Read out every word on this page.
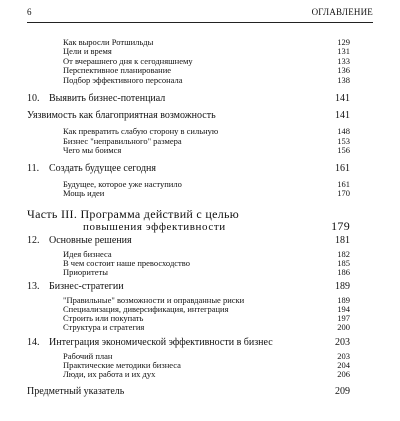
6	ОГЛАВЛЕНИЕ
Как выросли Ротшильды	129
Цели и время	131
От вчерашнего дня к сегодняшнему	133
Перспективное планирование	136
Подбор эффективного персонала	138
10. Выявить бизнес-потенциал	141
Уязвимость как благоприятная возможность	141
Как превратить слабую сторону в сильную	148
Бизнес "неправильного" размера	153
Чего мы боимся	156
11. Создать будущее сегодня	161
Будущее, которое уже наступило	161
Мощь идеи	170
Часть III. Программа действий с целью
повышения эффективности	179
12. Основные решения	181
Идея бизнеса	182
В чем состоит наше превосходство	185
Приоритеты	186
13. Бизнес-стратегии	189
"Правильные" возможности и оправданные риски	189
Специализация, диверсификация, интеграция	194
Строить или покупать	197
Структура и стратегия	200
14. Интеграция экономической эффективности в бизнес	203
Рабочий план	203
Практические методики бизнеса	204
Люди, их работа и их дух	206
Предметный указатель	209
